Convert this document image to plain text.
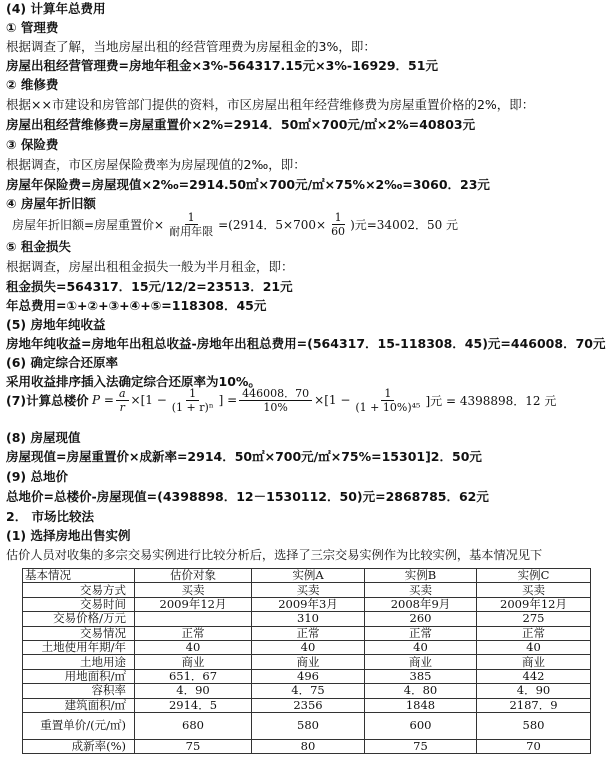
(4) 计算年总费用
① 管理费
根据调查了解，当地房屋出租的经营管理费为房屋租金的3%，即：
房屋出租经营管理费=房地年租金×3%-564317.15元×3%-16929．51元
② 维修费
根据××市建设和房管部门提供的资料，市区房屋出租年经营维修费为房屋重置价格的2%，即：
房屋出租经营维修费=房屋重置价×2%=2914．50㎡×700元/㎡×2%=40803元
③ 保险费
根据调查，市区房屋保险费率为房屋现值的2‰，即：
房屋年保险费=房屋现值×2‰=2914.50㎡×700元/㎡×75%×2‰=3060．23元
④ 房屋年折旧额
房屋年折旧额=房屋重置价× $\frac{1}{\text{耐用年限}} =(2914$．$5\times 700\times \frac{1}{60}$ )元=34002．50 元
⑤ 租金损失
根据调查，房屋出租租金损失一般为半月租金，即：
租金损失=564317．15元/12/2=23513．21元
年总费用=①+②+③+④+⑤=118308．45元
(5) 房地年纯收益
房地年纯收益=房地年出租总收益-房地年出租总费用=(564317．15-118308．45)元=446008．70元
(6) 确定综合还原率
采用收益排序插入法确定综合还原率为10%。
(7)计算总楼价 $P = \frac{a}{r} \times[1 - \frac{1}{\text{(1 + r)ⁿ}}$ ] = $\frac{446008.70}{10\%} \times[1 - \frac{1}{\text{(1 + 10\%)⁴⁵}}$ ]元 = 4398898．12 元
(8) 房屋现值
房屋现值=房屋重置价×成新率=2914．50㎡×700元/㎡×75%=15301]2．50元
(9) 总地价
总地价=总楼价-房屋现值=(4398898．12－1530112．50)元=2868785．62元
2． 市场比较法
(1) 选择房地出售实例
估价人员对收集的多宗交易实例进行比较分析后，选择了三宗交易实例作为比较实例，基本情况见下
基本情况	估价对象	实例A	实例B	实例C
交易方式	买卖	买卖	买卖	买卖
交易时间	2009年12月	2009年3月	2008年9月	2009年12月
交易价格/万元		310	260	275
交易情况	正常	正常	正常	正常
土地使用年期/年	40	40	40	40
土地用途	商业	商业	商业	商业
用地面积/㎡	651．67	496	385	442
容积率	4．90	4．75	4．80	4．90
建筑面积/㎡	2914．5	2356	1848	2187．9
重置单价/(元/㎡)	680	580	600	580
成新率(%)	75	80	75	70
